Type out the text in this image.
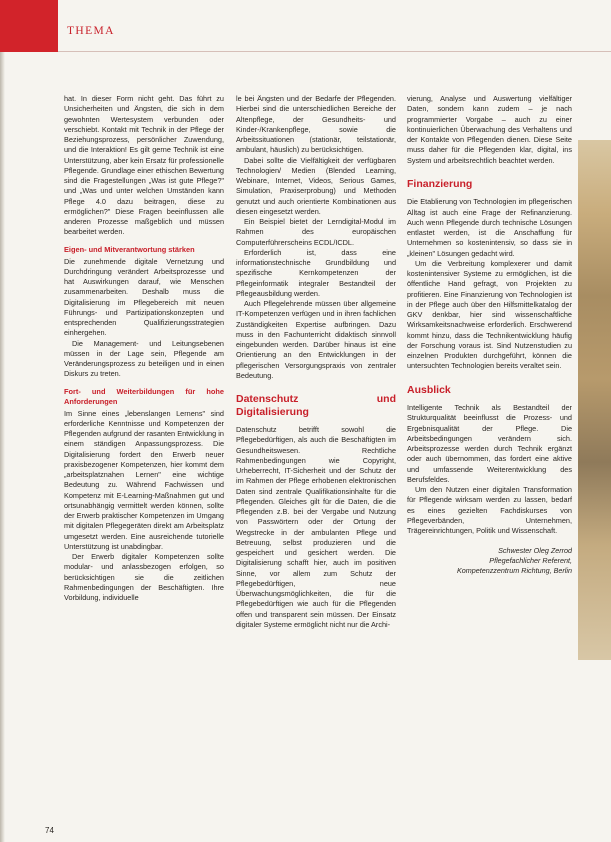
THEMA

hat. In dieser Form nicht geht. Das führt zu Unsicherheiten und Ängsten, die sich in dem gewohnten Wertesystem verbunden oder verschiebt. Kontakt mit Technik in der Pflege der Beziehungsprozess, persönlicher Zuwendung, und die Interaktion! Es gilt gerne Technik ist eine Unterstützung, aber kein Ersatz für professionelle Pflegende. Grundlage einer ethischen Bewertung sind die Fragestellungen „Was ist gute Pflege?" und „Was und unter welchen Umständen kann Pflege 4.0 dazu beitragen, diese zu ermöglichen?" Diese Fragen beeinflussen alle anderen Prozesse maßgeblich und müssen bearbeitet werden.

Eigen- und Mitverantwortung stärken

Die zunehmende digitale Vernetzung und Durchdringung verändert Arbeitsprozesse und hat Auswirkungen darauf, wie Menschen zusammenarbeiten. Deshalb muss die Digitalisierung im Pflegebereich mit neuen Führungs- und Partizipationskonzepten und entsprechenden Qualifizierungsstrategien einhergehen.

Die Management- und Leitungsebenen müssen in der Lage sein, Pflegende am Veränderungsprozess zu beteiligen und in einen Diskurs zu treten.

Fort- und Weiterbildungen für hohe Anforderungen

Im Sinne eines „lebenslangen Lernens" sind erforderliche Kenntnisse und Kompetenzen der Pflegenden aufgrund der rasanten Entwicklung in einem ständigen Anpassungsprozess. Die Digitalisierung fordert den Erwerb neuer praxisbezogener Kompetenzen, hier kommt dem „arbeitsplatznahen Lernen" eine wichtige Bedeutung zu. Während Fachwissen und Kompetenz mit E-Learning-Maßnahmen gut und ortsunabhängig vermittelt werden können, sollte der Erwerb praktischer Kompetenzen im Umgang mit digitalen Pflegegeräten direkt am Arbeitsplatz umgesetzt werden. Eine ausreichende tutorielle Unterstützung ist unabdingbar.

Der Erwerb digitaler Kompetenzen sollte modular- und anlassbezogen erfolgen, so berücksichtigen sie die zeitlichen Rahmenbedingungen der Beschäftigten. Ihre Vorbildung, individuelle

le bei Ängsten und der Bedarfe der Pflegenden. Hierbei sind die unterschiedlichen Bereiche der Altenpflege, der Gesundheits- und Kinder-/Krankenpflege, sowie die Arbeitssituationen (stationär, teilstationär, ambulant, häuslich) zu berücksichtigen.

Dabei sollte die Vielfältigkeit der verfügbaren Technologien/ Medien (Blended Learning, Webinare, Internet, Videos, Serious Games, Simulation, Praxiserprobung) und Methoden genutzt und auch orientierte Kombinationen aus diesen eingesetzt werden.

Ein Beispiel bietet der Lerndigital-Modul im Rahmen des europäischen Computerführerscheins ECDL/ICDL.

Erforderlich ist, dass eine informationstechnische Grundbildung und spezifische Kernkompetenzen der Pflegeinformatik integraler Bestandteil der Pflegeausbildung werden.

Auch Pflegelehrende müssen über allgemeine IT-Kompetenzen verfügen und in ihren fachlichen Zuständigkeiten Expertise aufbringen. Dazu muss in den Fachunterricht didaktisch sinnvoll eingebunden werden. Darüber hinaus ist eine Orientierung an den Entwicklungen in der pflegerischen Versorgungspraxis von zentraler Bedeutung.

Datenschutz und Digitalisierung

Datenschutz betrifft sowohl die Pflegebedürftigen, als auch die Beschäftigten im Gesundheitswesen. Rechtliche Rahmenbedingungen wie Copyright, Urheberrecht, IT-Sicherheit und der Schutz der im Rahmen der Pflege erhobenen elektronischen Daten sind zentrale Qualifikationsinhalte für die Pflegenden. Gleiches gilt für die Daten, die die Pflegenden z.B. bei der Vergabe und Nutzung von Passwörtern oder der Ortung der Wegstrecke in der ambulanten Pflege und Betreuung, selbst produzieren und die gespeichert und gesichert werden. Die Digitalisierung schafft hier, auch im positiven Sinne, vor allem zum Schutz der Pflegebedürftigen, neue Überwachungsmöglichkeiten, die für die Pflegebedürftigen wie auch für die Pflegenden offen und transparent sein müssen. Der Einsatz digitaler Systeme ermöglicht nicht nur die Archi-

vierung, Analyse und Auswertung vielfältiger Daten, sondern kann zudem – je nach programmierter Vorgabe – auch zu einer kontinuierlichen Überwachung des Verhaltens und der Kontakte von Pflegenden dienen. Diese Seite muss daher für die Pflegenden klar, digital, ins System und arbeitsrechtlich beachtet werden.

Finanzierung

Die Etablierung von Technologien im pflegerischen Alltag ist auch eine Frage der Refinanzierung. Auch wenn Pflegende durch technische Lösungen entlastet werden, ist die Anschaffung für Unternehmen so kostenintensiv, so dass sie in „kleinen" Lösungen gedacht wird.

Um die Verbreitung komplexerer und damit kostenintensiver Systeme zu ermöglichen, ist die öffentliche Hand gefragt, von Projekten zu profitieren. Eine Finanzierung von Technologien ist in der Pflege auch über den Hilfsmittelkatalog der GKV denkbar, hier sind wissenschaftliche Wirksamkeitsnachweise erforderlich. Erschwerend kommt hinzu, dass die Technikentwicklung häufig der Forschung voraus ist. Sind Nutzenstudien zu einzelnen Produkten durchgeführt, können die untersuchten Technologien bereits veraltet sein.

Ausblick

Intelligente Technik als Bestandteil der Strukturqualität beeinflusst die Prozess- und Ergebnisqualität der Pflege. Die Arbeitsbedingungen verändern sich. Arbeitsprozesse werden durch Technik ergänzt oder auch übernommen, das fordert eine aktive und umfassende Weiterentwicklung des Berufsfeldes.

Um den Nutzen einer digitalen Transformation für Pflegende wirksam werden zu lassen, bedarf es eines gezielten Fachdiskurses von Pflegeverbänden, Unternehmen, Trägereinrichtungen, Politik und Wissenschaft.

Schwester Oleg Zerrod
Pflegefachlicher Referent,
Kompetenzzentrum Richtung, Berlin
74
